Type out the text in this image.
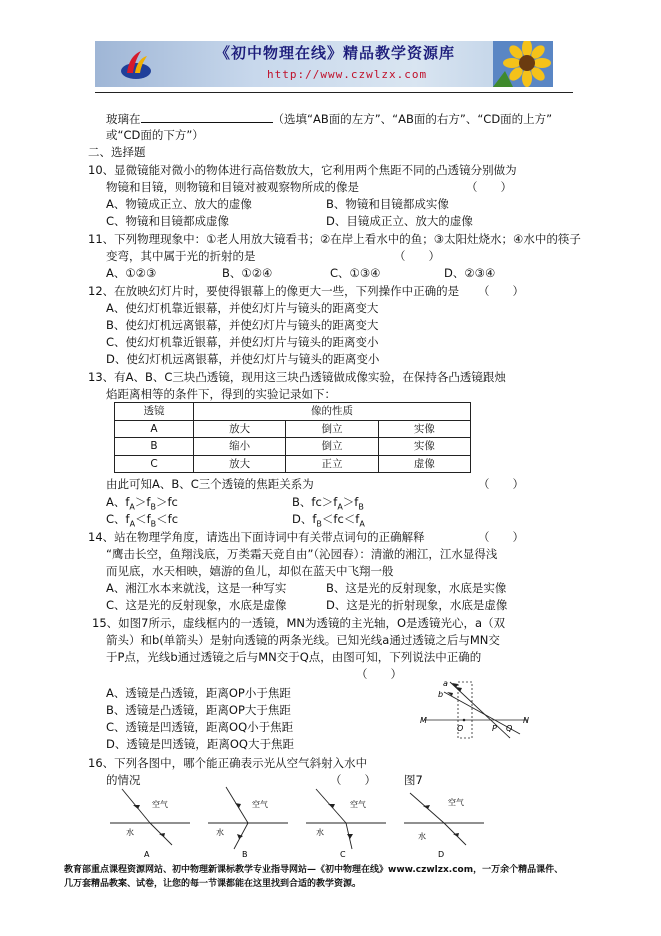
《初中物理在线》精品教学资源库
http://www.czwlzx.com
玻璃在	（选填“AB面的左方”、“AB面的右方”、“CD面的上方”
或“CD面的下方”）
二、选择题
10、显微镜能对微小的物体进行高倍数放大，它利用两个焦距不同的凸透镜分别做为
物镜和目镜，则物镜和目镜对被观察物所成的像是	（　　）
A、物镜成正立、放大的虚像	B、物镜和目镜都成实像
C、物镜和目镜都成虚像	D、目镜成正立、放大的虚像
11、下列物理现象中：①老人用放大镜看书；②在岸上看水中的鱼；③太阳灶烧水；④水中的筷子
变弯，其中属于光的折射的是	（　　）
A、①②③	B、①②④	C、①③④	D、②③④
12、在放映幻灯片时，要使得银幕上的像更大一些，下列操作中正确的是 （　　）
A、使幻灯机靠近银幕，并使幻灯片与镜头的距离变大
B、使幻灯机远离银幕，并使幻灯片与镜头的距离变大
C、使幻灯机靠近银幕，并使幻灯片与镜头的距离变小
D、使幻灯机远离银幕，并使幻灯片与镜头的距离变小
13、有A、B、C三块凸透镜，现用这三块凸透镜做成像实验，在保持各凸透镜跟烛
焰距离相等的条件下，得到的实验记录如下：
透镜	像的性质		
A	放大	倒立	实像
B	缩小	倒立	实像
C	放大	正立	虚像
由此可知A、B、C三个透镜的焦距关系为	（　　）
A、$f_A>f_B>fc$	B、$fc>f_A>f_B$
C、$f_A<f_B<fc$	D、$f_B<fc<f_A$
14、站在物理学角度，请选出下面诗词中有关带点词句的正确解释	（　　）
“鹰击长空，鱼翔浅底，万类霜天竞自由”（沁园春）：清澈的湘江，江水显得浅
而见底，水天相映，嬉游的鱼儿，却似在蓝天中飞翔一般
A、湘江水本来就浅，这是一种写实	B、这是光的反射现象，水底是实像
C、这是光的反射现象，水底是虚像	D、这是光的折射现象，水底是虚像
15、如图7所示，虚线框内的一透镜，MN为透镜的主光轴，O是透镜光心，a（双
箭头）和b(单箭头）是射向透镜的两条光线。已知光线a通过透镜之后与MN交
于P点，光线b通过透镜之后与MN交于Q点，由图可知，下列说法中正确的
（　　）
A、透镜是凸透镜，距离OP小于焦距
B、透镜是凸透镜，距离OP大于焦距
C、透镜是凹透镜，距离OQ小于焦距
D、透镜是凹透镜，距离OQ大于焦距
a
b
M
O	P Q
N
16、下列各图中，哪个能正确表示光从空气斜射入水中
的情况	（　　） 图7
空气
水
A
空气
水
B
空气
水
C
空气
水
D
教育部重点课程资源网站、初中物理新课标教学专业指导网站—《初中物理在线》www.czwlzx.com，一万余个精品课件、
几万套精品教案、试卷，让您的每一节课都能在这里找到合适的教学资源。
